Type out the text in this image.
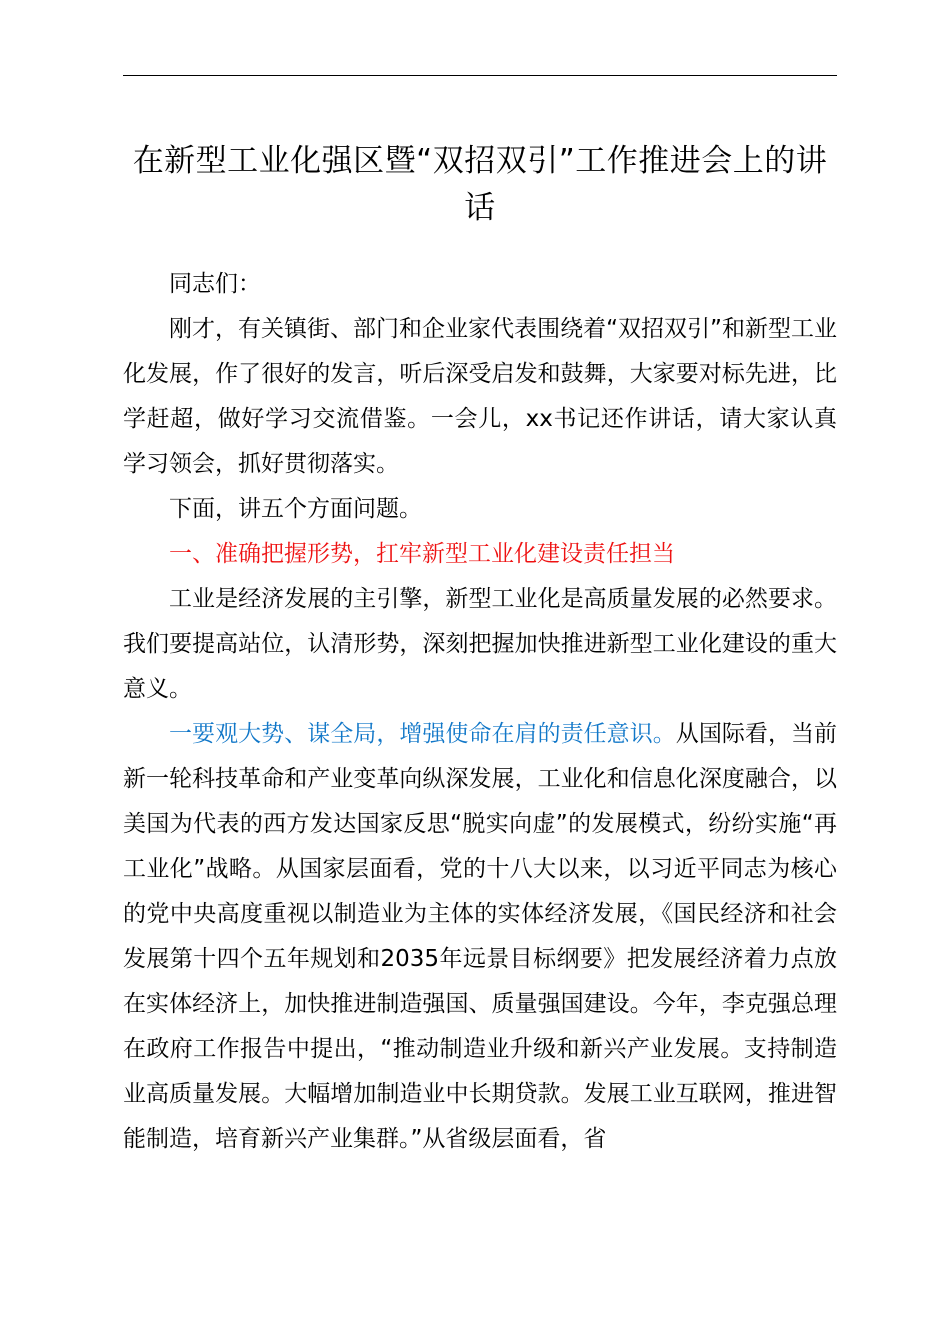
在新型工业化强区暨“双招双引”工作推进会上的讲话

同志们：

刚才，有关镇街、部门和企业家代表围绕着“双招双引”和新型工业化发展，作了很好的发言，听后深受启发和鼓舞，大家要对标先进，比学赶超，做好学习交流借鉴。一会儿，xx书记还作讲话，请大家认真学习领会，抓好贯彻落实。

下面，讲五个方面问题。

一、准确把握形势，扛牢新型工业化建设责任担当

工业是经济发展的主引擎，新型工业化是高质量发展的必然要求。我们要提高站位，认清形势，深刻把握加快推进新型工业化建设的重大意义。

一要观大势、谋全局，增强使命在肩的责任意识。从国际看，当前新一轮科技革命和产业变革向纵深发展，工业化和信息化深度融合，以美国为代表的西方发达国家反思“脱实向虚”的发展模式，纷纷实施“再工业化”战略。从国家层面看，党的十八大以来，以习近平同志为核心的党中央高度重视以制造业为主体的实体经济发展，《国民经济和社会发展第十四个五年规划和2035年远景目标纲要》把发展经济着力点放在实体经济上，加快推进制造强国、质量强国建设。今年，李克强总理在政府工作报告中提出，“推动制造业升级和新兴产业发展。支持制造业高质量发展。大幅增加制造业中长期贷款。发展工业互联网，推进智能制造，培育新兴产业集群。”从省级层面看，省
